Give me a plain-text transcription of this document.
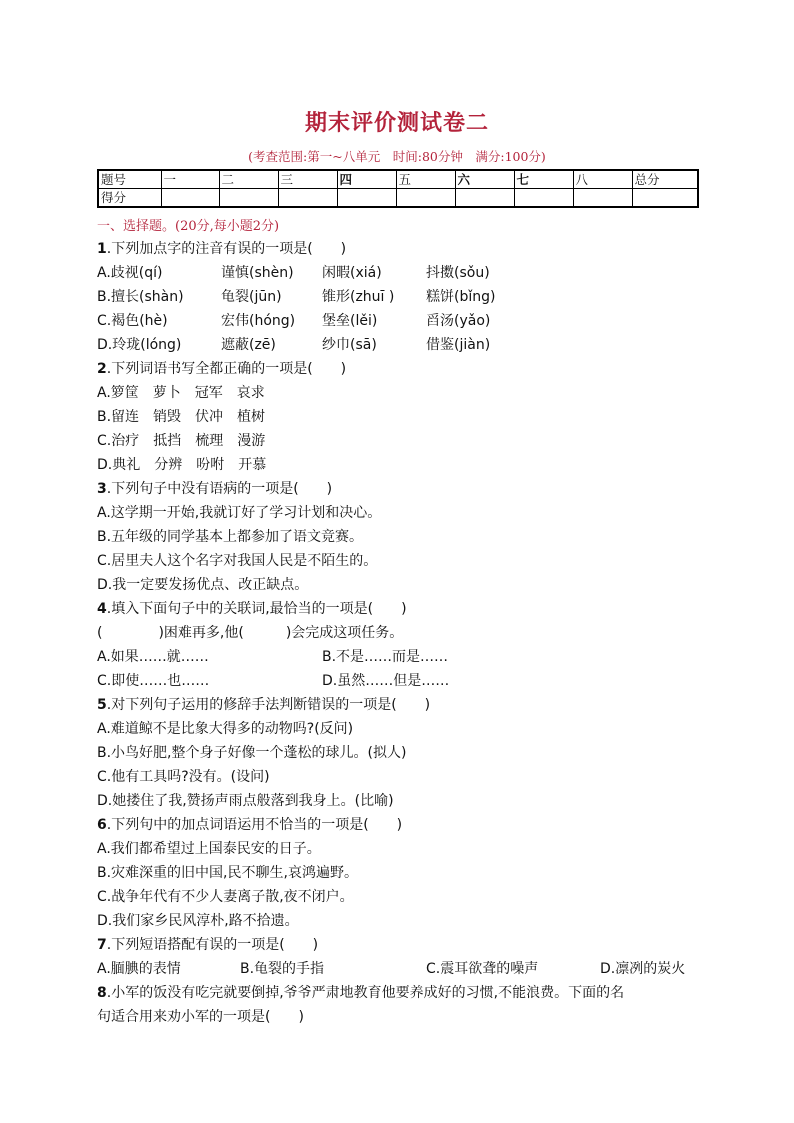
期末评价测试卷二
(考查范围:第一~八单元　时间:80分钟　满分:100分)
题号	一	二	三	四	五	六	七	八	总分
得分									
一、选择题。(20分,每小题2分)
1.下列加点字的注音有误的一项是(　　)
A.歧视(qí)	谨慎(shèn) 闲暇(xiá)	抖擞(sǒu)
B.擅长(shàn)	龟裂(jūn)	锥形(zhuī ) 糕饼(bǐng)
C.褐色(hè)	宏伟(hóng) 堡垒(lěi)	舀汤(yǎo)
D.玲珑(lóng)	遮蔽(zē)	纱巾(sā)	借鉴(jiàn)
2.下列词语书写全都正确的一项是(　　)
A.箩筐　萝卜　冠军　哀求
B.留连　销毁　伏冲　植树
C.治疗　抵挡　梳理　漫游
D.典礼　分辨　吩咐　开慕
3.下列句子中没有语病的一项是(　　)
A.这学期一开始,我就订好了学习计划和决心。
B.五年级的同学基本上都参加了语文竞赛。
C.居里夫人这个名字对我国人民是不陌生的。
D.我一定要发扬优点、改正缺点。
4.填入下面句子中的关联词,最恰当的一项是(　　)
(　　　　)困难再多,他(　　　)会完成这项任务。
A.如果……就……	B.不是……而是……
C.即使……也……	D.虽然……但是……
5.对下列句子运用的修辞手法判断错误的一项是(　　)
A.难道鲸不是比象大得多的动物吗?(反问)
B.小鸟好肥,整个身子好像一个蓬松的球儿。(拟人)
C.他有工具吗?没有。(设问)
D.她搂住了我,赞扬声雨点般落到我身上。(比喻)
6.下列句中的加点词语运用不恰当的一项是(　　)
A.我们都希望过上国泰民安的日子。
B.灾难深重的旧中国,民不聊生,哀鸿遍野。
C.战争年代有不少人妻离子散,夜不闭户。
D.我们家乡民风淳朴,路不拾遗。
7.下列短语搭配有误的一项是(　　)
A.腼腆的表情	B.龟裂的手指	C.震耳欲聋的噪声	D.凛冽的炭火
8.小军的饭没有吃完就要倒掉,爷爷严肃地教育他要养成好的习惯,不能浪费。下面的名
句适合用来劝小军的一项是(　　)
